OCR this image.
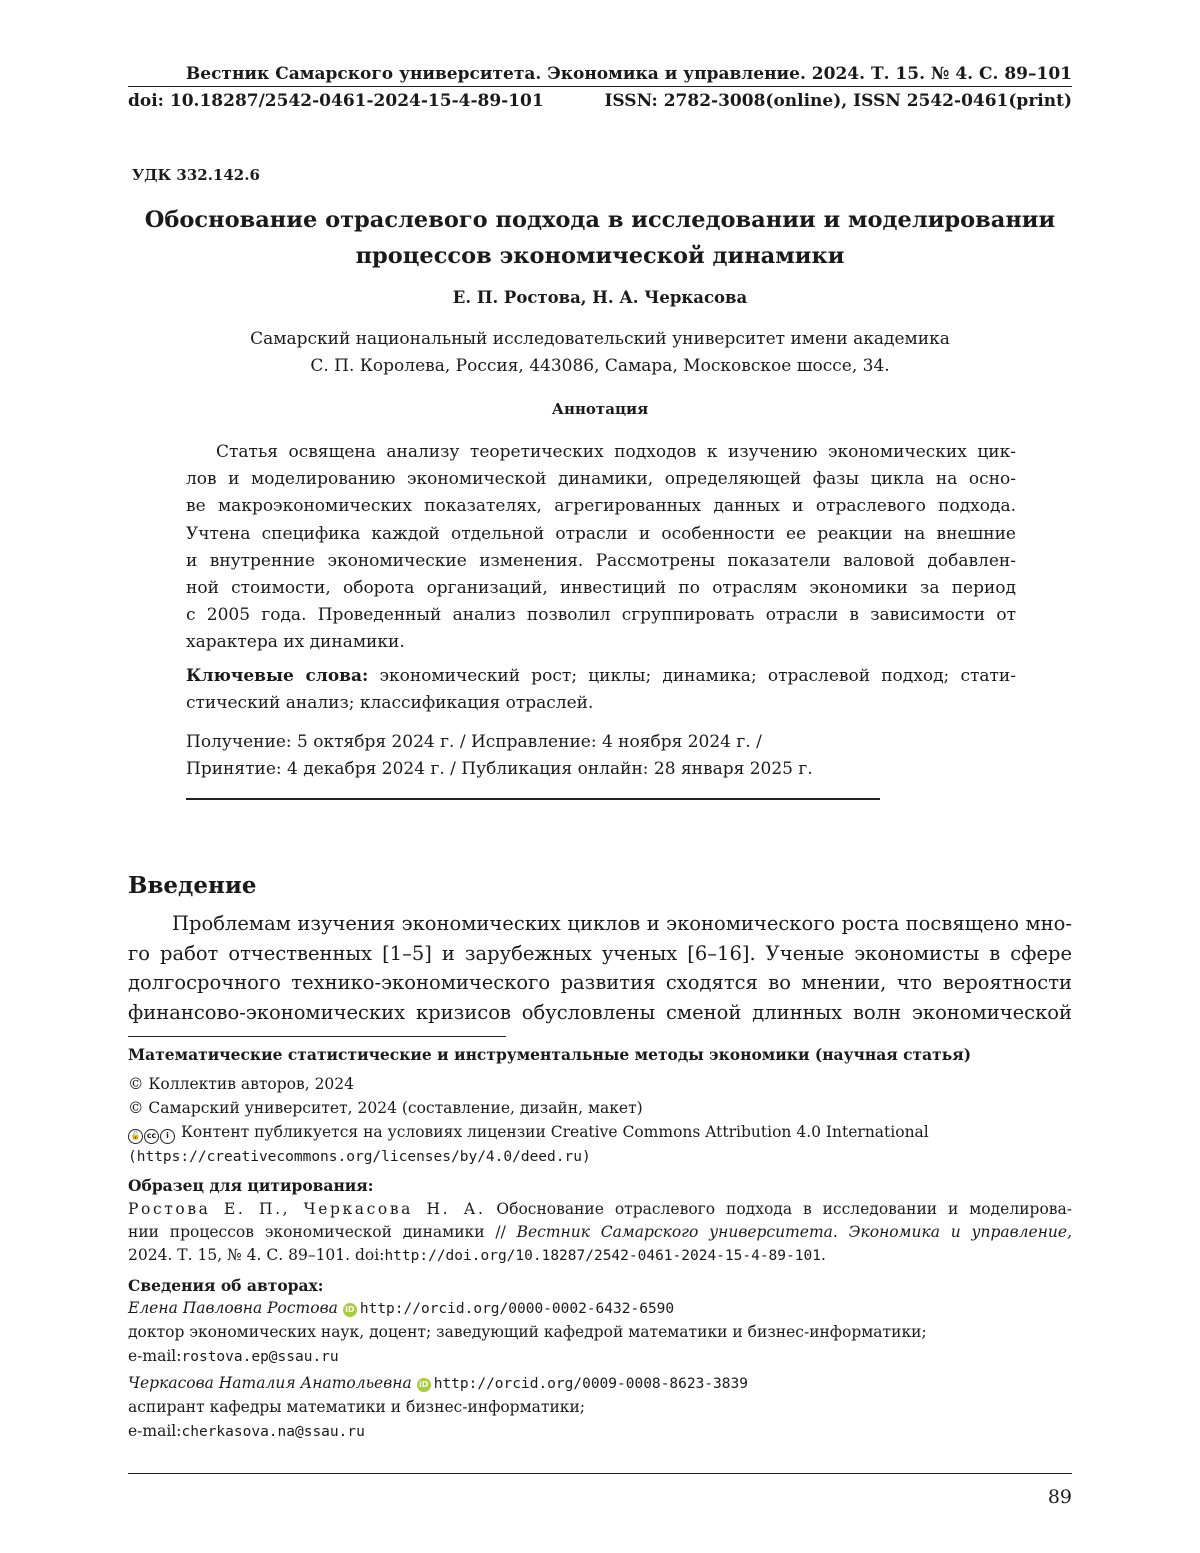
Вестник Самарского университета. Экономика и управление. 2024. Т. 15. № 4. С. 89–101
doi: 10.18287/2542-0461-2024-15-4-89-101	ISSN: 2782-3008(online), ISSN 2542-0461(print)
УДК 332.142.6
Обоснование отраслевого подхода в исследовании и моделировании
процессов экономической динамики
Е. П. Ростова, Н. А. Черкасова
Самарский национальный исследовательский университет имени академика
С. П. Королева, Россия, 443086, Самара, Московское шоссе, 34.
Аннотация
Статья освящена анализу теоретических подходов к изучению экономических цик-
лов и моделированию экономической динамики, определяющей фазы цикла на осно-
ве макроэкономических показателях, агрегированных данных и отраслевого подхода.
Учтена специфика каждой отдельной отрасли и особенности ее реакции на внешние
и внутренние экономические изменения. Рассмотрены показатели валовой добавлен-
ной стоимости, оборота организаций, инвестиций по отраслям экономики за период
с 2005 года. Проведенный анализ позволил сгруппировать отрасли в зависимости от
характера их динамики.
Ключевые слова: экономический рост; циклы; динамика; отраслевой подход; стати-
стический анализ; классификация отраслей.
Получение: 5 октября 2024 г. / Исправление: 4 ноября 2024 г. /
Принятие: 4 декабря 2024 г. / Публикация онлайн: 28 января 2025 г.
Введение
Проблемам изучения экономических циклов и экономического роста посвящено мно-
го работ отчественных [1–5] и зарубежных ученых [6–16]. Ученые экономисты в сфере
долгосрочного технико-экономического развития сходятся во мнении, что вероятности
финансово-экономических кризисов обусловлены сменой длинных волн экономической
Математические статистические и инструментальные методы экономики (научная статья)
© Коллектив авторов, 2024
© Самарский университет, 2024 (составление, дизайн, макет)
🔓 cc i Контент публикуется на условиях лицензии Creative Commons Attribution 4.0 International
(https://creativecommons.org/licenses/by/4.0/deed.ru)
Образец для цитирования:
Ростова Е. П., Черкасова Н. А. Обоснование отраслевого подхода в исследовании и моделирова-
нии процессов экономической динамики // Вестник Самарского университета. Экономика и управление,
2024. Т. 15, № 4. С. 89–101. doi:http://doi.org/10.18287/2542-0461-2024-15-4-89-101.
Сведения об авторах:
Елена Павловна Ростова iD http://orcid.org/0000-0002-6432-6590
доктор экономических наук, доцент; заведующий кафедрой математики и бизнес-информатики;
e-mail:rostova.ep@ssau.ru
Черкасова Наталия Анатольевна iD http://orcid.org/0009-0008-8623-3839
аспирант кафедры математики и бизнес-информатики;
e-mail:cherkasova.na@ssau.ru
89
